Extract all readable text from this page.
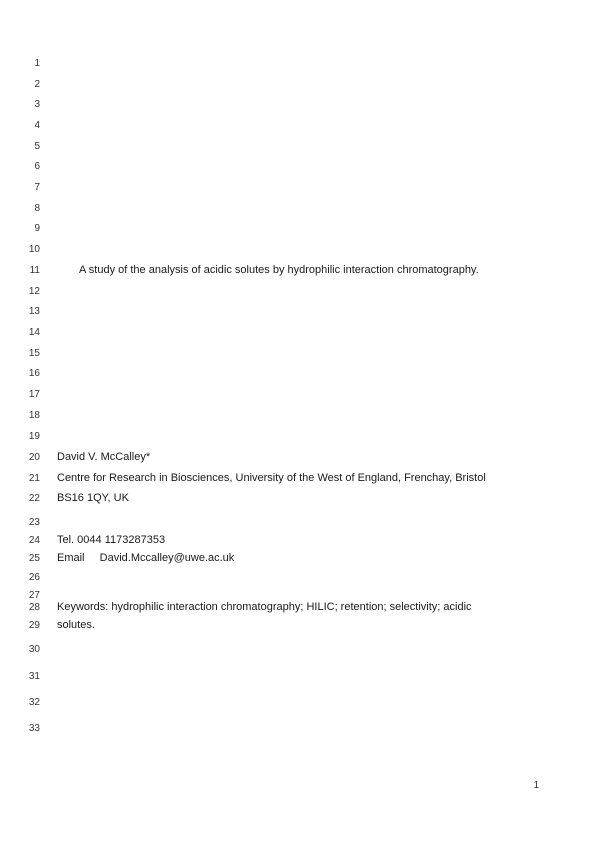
1
2
3
4
5
6
7
8
9
10
11
12
13
14
15
16
17
18
19
20
21
22
23
24
25
26
27
28
29
30
31
32
33
A study of the analysis of acidic solutes by hydrophilic interaction chromatography.
David V. McCalley*
Centre for Research in Biosciences, University of the West of England, Frenchay, Bristol
BS16 1QY, UK
Tel. 0044 1173287353
Email David.Mccalley@uwe.ac.uk
Keywords: hydrophilic interaction chromatography; HILIC; retention; selectivity; acidic
solutes.
1
